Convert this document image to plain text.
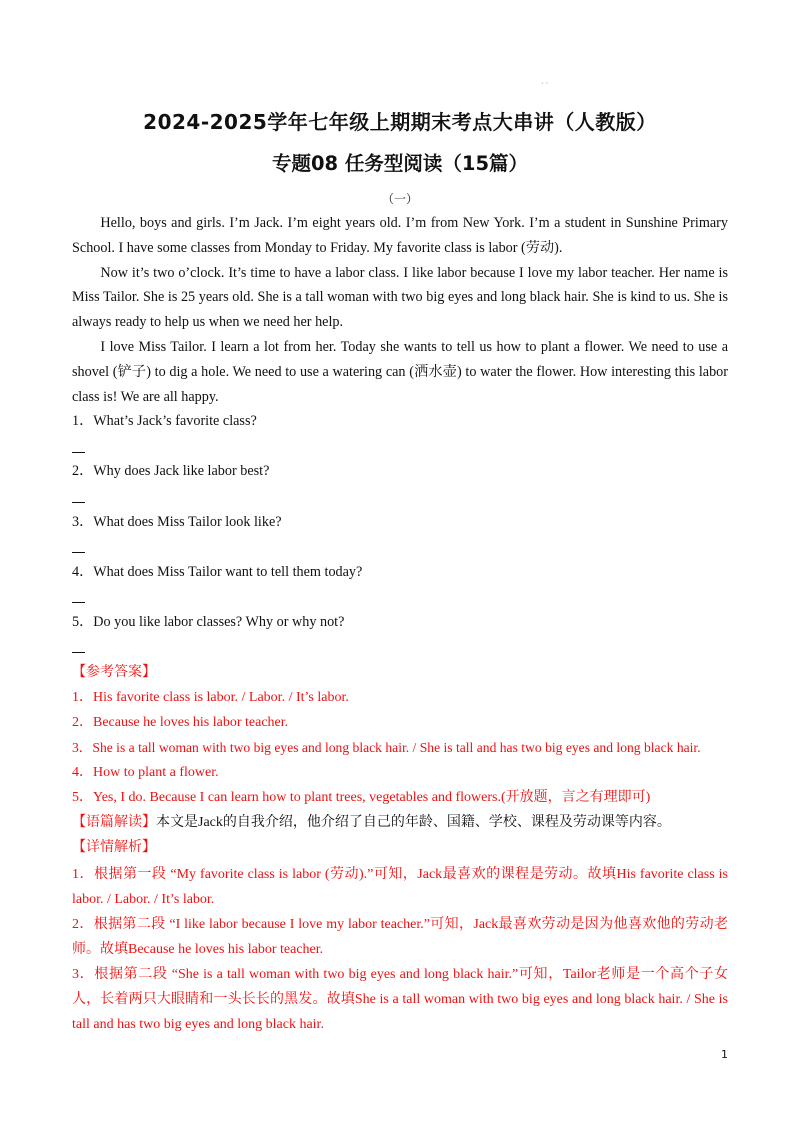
· ·
2024-2025学年七年级上期期末考点大串讲（人教版）
专题08 任务型阅读（15篇）
（一）

Hello, boys and girls. I’m Jack. I’m eight years old. I’m from New York. I’m a student in Sunshine Primary School. I have some classes from Monday to Friday. My favorite class is labor (劳动).

Now it’s two o’clock. It’s time to have a labor class. I like labor because I love my labor teacher. Her name is Miss Tailor. She is 25 years old. She is a tall woman with two big eyes and long black hair. She is kind to us. She is always ready to help us when we need her help.

I love Miss Tailor. I learn a lot from her. Today she wants to tell us how to plant a flower. We need to use a shovel (铲子) to dig a hole. We need to use a watering can (洒水壶) to water the flower. How interesting this labor class is! We are all happy.

1．What’s Jack’s favorite class?
2．Why does Jack like labor best?
3．What does Miss Tailor look like?
4．What does Miss Tailor want to tell them today?
5．Do you like labor classes? Why or why not?
【参考答案】
1．His favorite class is labor. / Labor. / It’s labor.
2．Because he loves his labor teacher.
3．She is a tall woman with two big eyes and long black hair. / She is tall and has two big eyes and long black hair.
4．How to plant a flower.
5．Yes, I do. Because I can learn how to plant trees, vegetables and flowers.(开放题，言之有理即可)
【语篇解读】本文是Jack的自我介绍，他介绍了自己的年龄、国籍、学校、课程及劳动课等内容。
【详情解析】
1．根据第一段 “My favorite class is labor (劳动).”可知，Jack最喜欢的课程是劳动。故填His favorite class is labor. / Labor. / It’s labor.
2．根据第二段 “I like labor because I love my labor teacher.”可知，Jack最喜欢劳动是因为他喜欢他的劳动老师。故填Because he loves his labor teacher.
3．根据第二段 “She is a tall woman with two big eyes and long black hair.”可知，Tailor老师是一个高个子女人，长着两只大眼睛和一头长长的黑发。故填She is a tall woman with two big eyes and long black hair. / She is tall and has two big eyes and long black hair.
1
